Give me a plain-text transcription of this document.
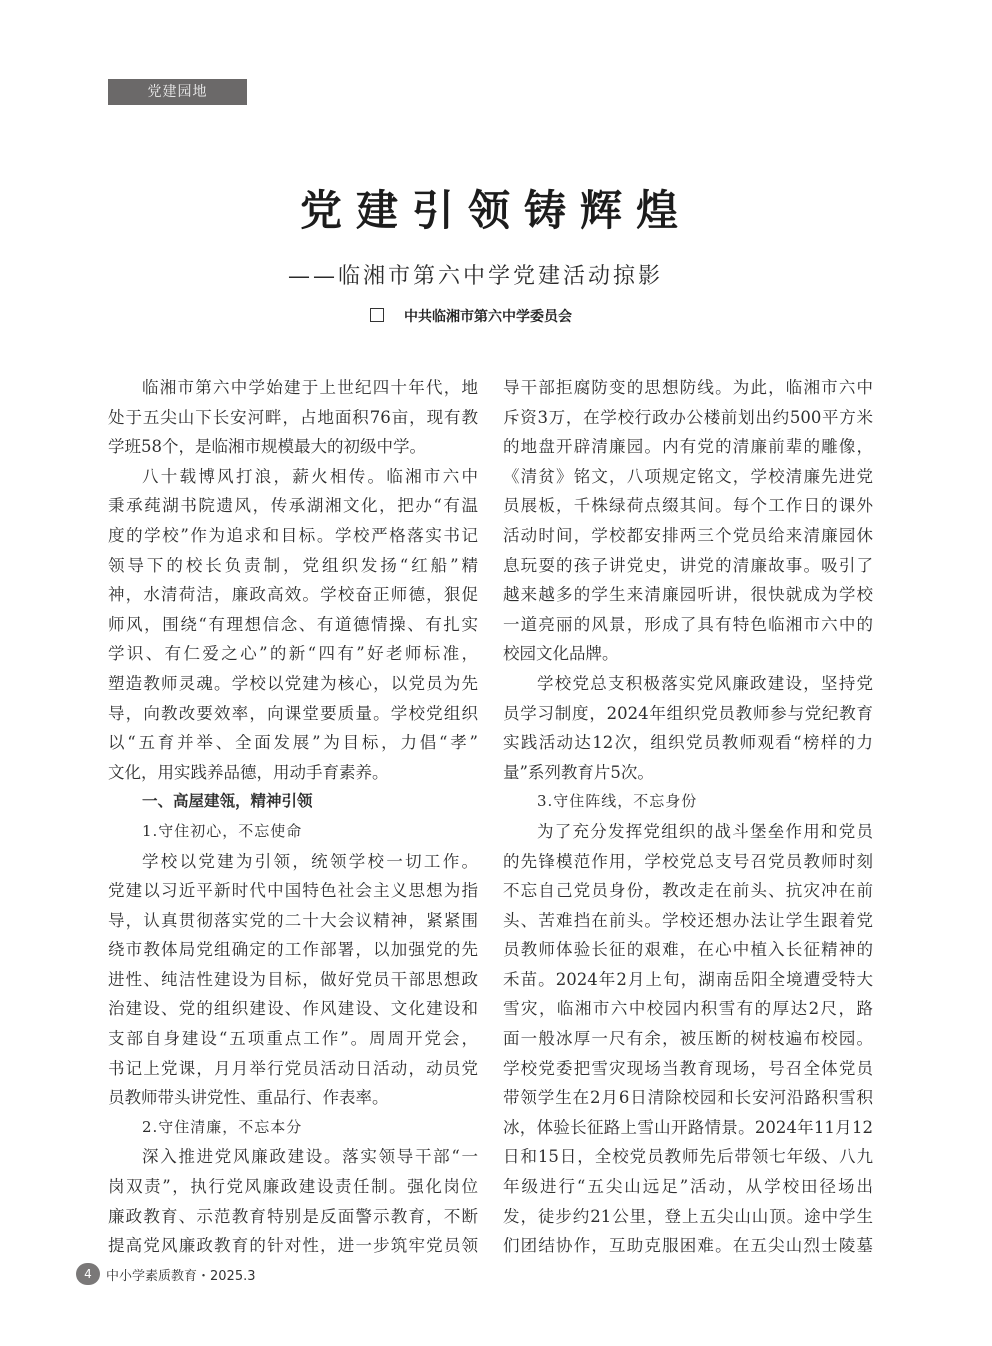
党建园地
党建引领铸辉煌
——临湘市第六中学党建活动掠影
中共临湘市第六中学委员会
临湘市第六中学始建于上世纪四十年代，地
处于五尖山下长安河畔，占地面积76亩，现有教
学班58个，是临湘市规模最大的初级中学。
八十载博风打浪，薪火相传。临湘市六中
秉承莼湖书院遗风，传承湖湘文化，把办“有温
度的学校”作为追求和目标。学校严格落实书记
领导下的校长负责制，党组织发扬“红船”精
神，水清荷洁，廉政高效。学校奋正师德，狠促
师风，围绕“有理想信念、有道德情操、有扎实
学识、有仁爱之心”的新“四有”好老师标准，
塑造教师灵魂。学校以党建为核心，以党员为先
导，向教改要效率，向课堂要质量。学校党组织
以“五育并举、全面发展”为目标，力倡“孝”
文化，用实践养品德，用动手育素养。
一、高屋建瓴，精神引领
1.守住初心，不忘使命
学校以党建为引领，统领学校一切工作。
党建以习近平新时代中国特色社会主义思想为指
导，认真贯彻落实党的二十大会议精神，紧紧围
绕市教体局党组确定的工作部署，以加强党的先
进性、纯洁性建设为目标，做好党员干部思想政
治建设、党的组织建设、作风建设、文化建设和
支部自身建设“五项重点工作”。周周开党会，
书记上党课，月月举行党员活动日活动，动员党
员教师带头讲党性、重品行、作表率。
2.守住清廉，不忘本分
深入推进党风廉政建设。落实领导干部“一
岗双责”，执行党风廉政建设责任制。强化岗位
廉政教育、示范教育特别是反面警示教育，不断
提高党风廉政教育的针对性，进一步筑牢党员领
导干部拒腐防变的思想防线。为此，临湘市六中
斥资3万，在学校行政办公楼前划出约500平方米
的地盘开辟清廉园。内有党的清廉前辈的雕像，
《清贫》铭文，八项规定铭文，学校清廉先进党
员展板，千株绿荷点缀其间。每个工作日的课外
活动时间，学校都安排两三个党员给来清廉园休
息玩耍的孩子讲党史，讲党的清廉故事。吸引了
越来越多的学生来清廉园听讲，很快就成为学校
一道亮丽的风景，形成了具有特色临湘市六中的
校园文化品牌。
学校党总支积极落实党风廉政建设，坚持党
员学习制度，2024年组织党员教师参与党纪教育
实践活动达12次，组织党员教师观看“榜样的力
量”系列教育片5次。
3.守住阵线，不忘身份
为了充分发挥党组织的战斗堡垒作用和党员
的先锋模范作用，学校党总支号召党员教师时刻
不忘自己党员身份，教改走在前头、抗灾冲在前
头、苦难挡在前头。学校还想办法让学生跟着党
员教师体验长征的艰难，在心中植入长征精神的
禾苗。2024年2月上旬，湖南岳阳全境遭受特大
雪灾，临湘市六中校园内积雪有的厚达2尺，路
面一般冰厚一尺有余，被压断的树枝遍布校园。
学校党委把雪灾现场当教育现场，号召全体党员
带领学生在2月6日清除校园和长安河沿路积雪积
冰，体验长征路上雪山开路情景。2024年11月12
日和15日，全校党员教师先后带领七年级、八九
年级进行“五尖山远足”活动，从学校田径场出
发，徒步约21公里，登上五尖山山顶。途中学生
们团结协作，互助克服困难。在五尖山烈士陵墓
4	中小学素质教育・2025.3
